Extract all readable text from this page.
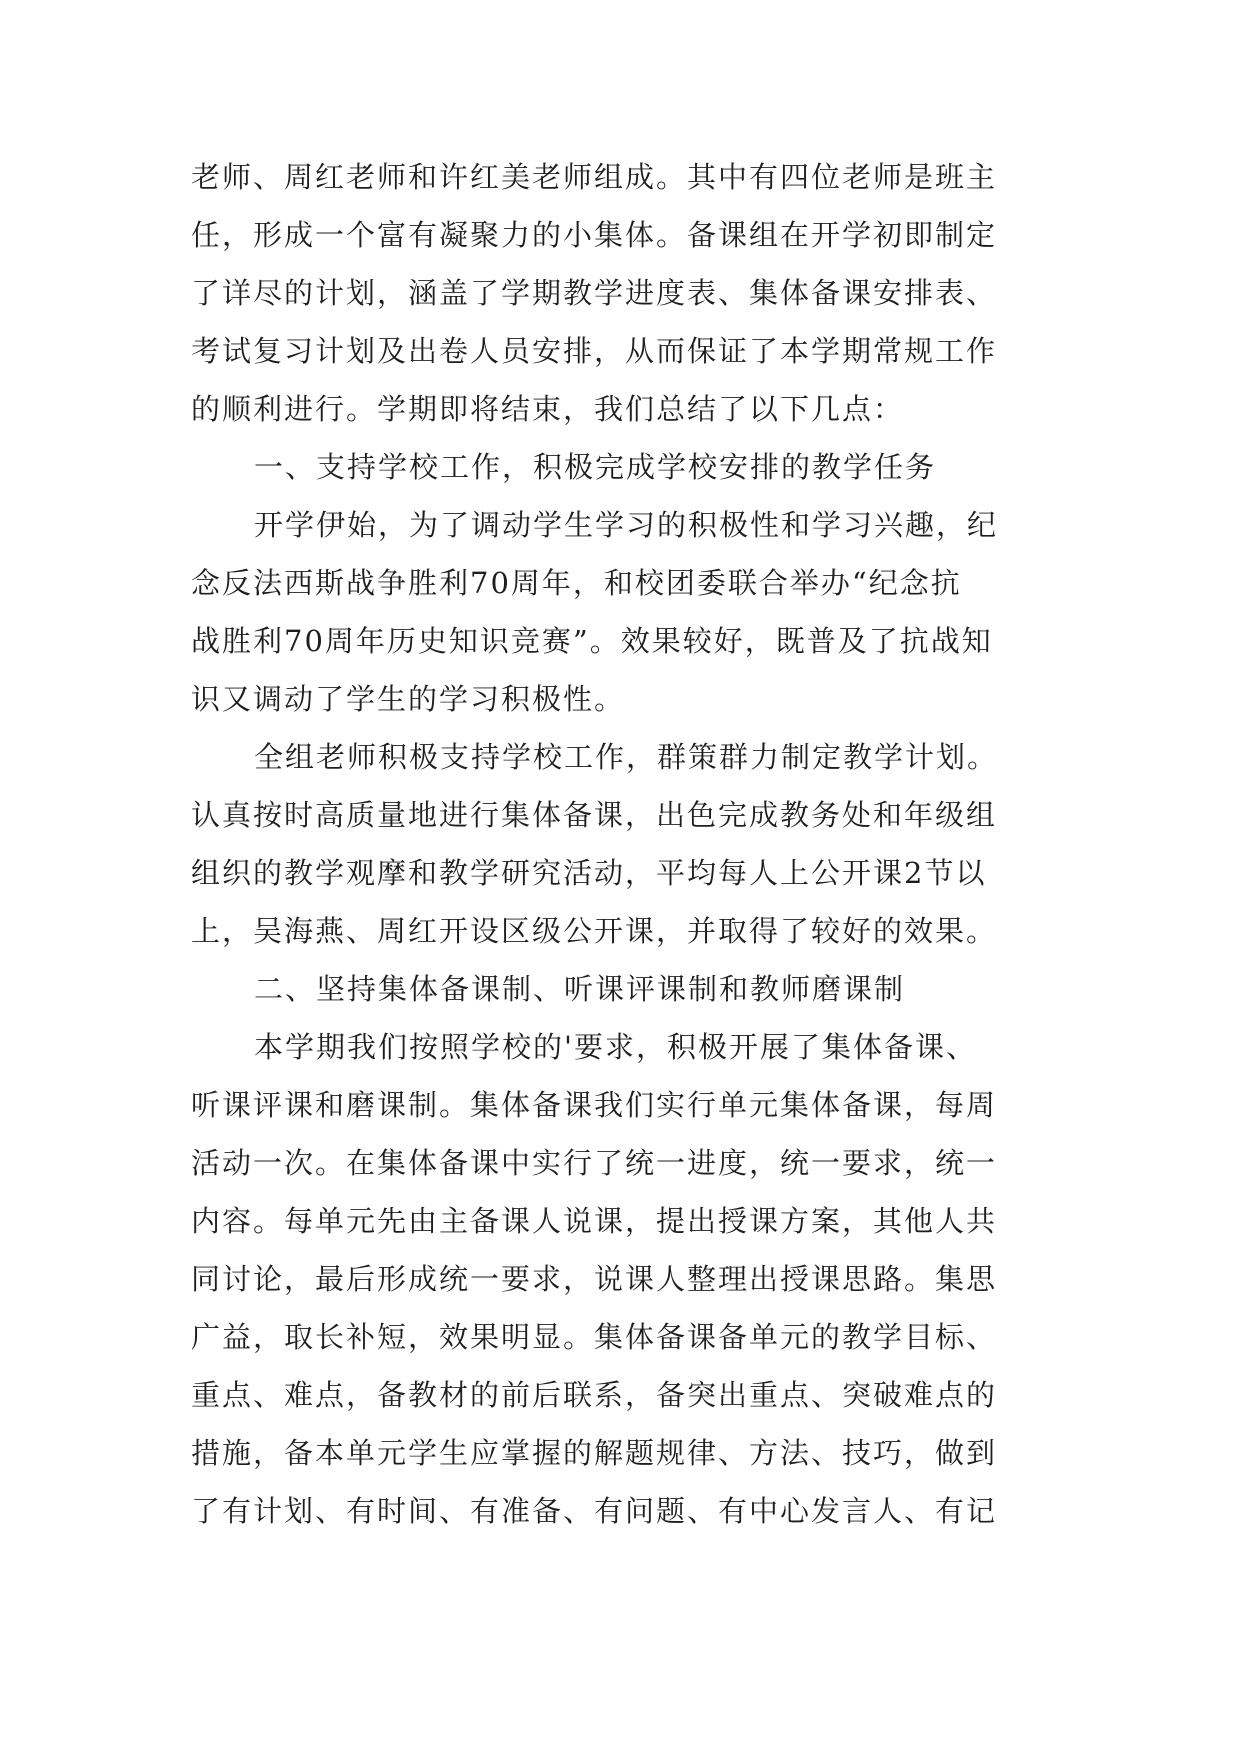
老师、周红老师和许红美老师组成。其中有四位老师是班主
任，形成一个富有凝聚力的小集体。备课组在开学初即制定
了详尽的计划，涵盖了学期教学进度表、集体备课安排表、
考试复习计划及出卷人员安排，从而保证了本学期常规工作
的顺利进行。学期即将结束，我们总结了以下几点：
一、支持学校工作，积极完成学校安排的教学任务
开学伊始，为了调动学生学习的积极性和学习兴趣，纪
念反法西斯战争胜利70周年，和校团委联合举办“纪念抗
战胜利70周年历史知识竞赛”。效果较好，既普及了抗战知
识又调动了学生的学习积极性。
全组老师积极支持学校工作，群策群力制定教学计划。
认真按时高质量地进行集体备课，出色完成教务处和年级组
组织的教学观摩和教学研究活动，平均每人上公开课2节以
上，吴海燕、周红开设区级公开课，并取得了较好的效果。
二、坚持集体备课制、听课评课制和教师磨课制
本学期我们按照学校的'要求，积极开展了集体备课、
听课评课和磨课制。集体备课我们实行单元集体备课，每周
活动一次。在集体备课中实行了统一进度，统一要求，统一
内容。每单元先由主备课人说课，提出授课方案，其他人共
同讨论，最后形成统一要求，说课人整理出授课思路。集思
广益，取长补短，效果明显。集体备课备单元的教学目标、
重点、难点，备教材的前后联系，备突出重点、突破难点的
措施，备本单元学生应掌握的解题规律、方法、技巧，做到
了有计划、有时间、有准备、有问题、有中心发言人、有记
